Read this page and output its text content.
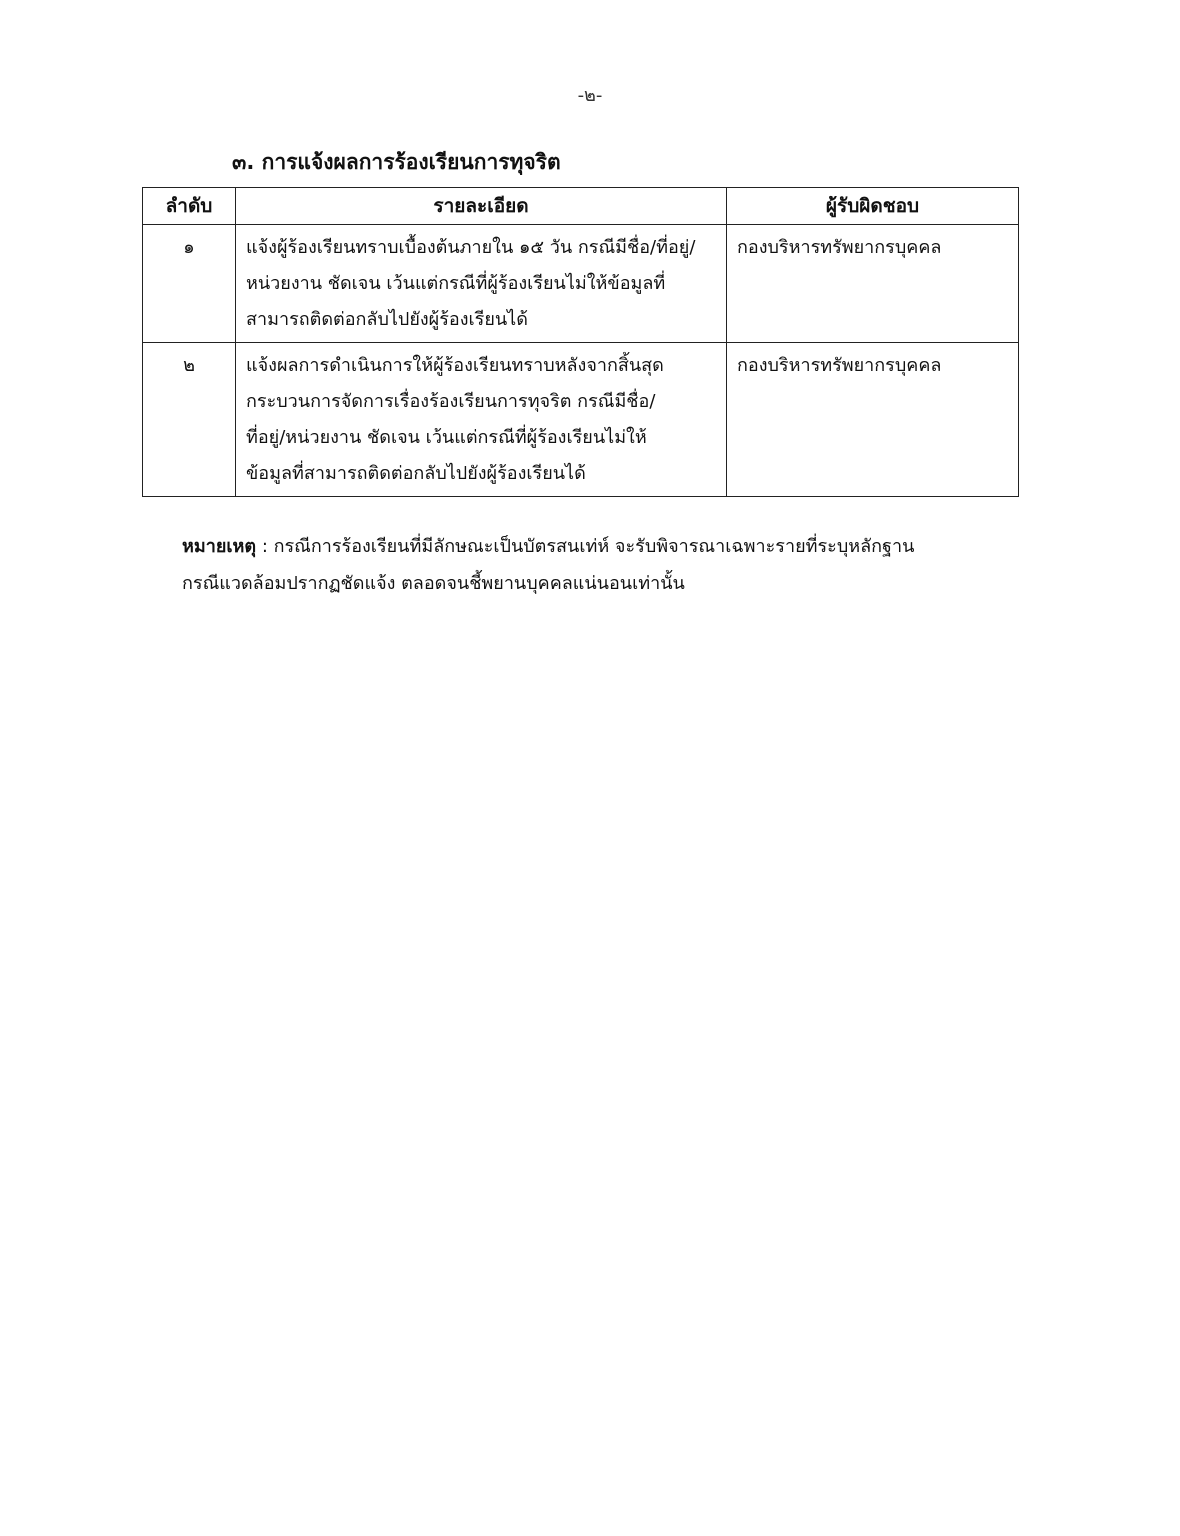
-๒-
๓. การแจ้งผลการร้องเรียนการทุจริต
ลำดับ	รายละเอียด	ผู้รับผิดชอบ
๑	แจ้งผู้ร้องเรียนทราบเบื้องต้นภายใน ๑๕ วัน กรณีมีชื่อ/ที่อยู่/
หน่วยงาน ชัดเจน เว้นแต่กรณีที่ผู้ร้องเรียนไม่ให้ข้อมูลที่
สามารถติดต่อกลับไปยังผู้ร้องเรียนได้	กองบริหารทรัพยากรบุคคล
๒	แจ้งผลการดำเนินการให้ผู้ร้องเรียนทราบหลังจากสิ้นสุด
กระบวนการจัดการเรื่องร้องเรียนการทุจริต กรณีมีชื่อ/
ที่อยู่/หน่วยงาน ชัดเจน เว้นแต่กรณีที่ผู้ร้องเรียนไม่ให้
ข้อมูลที่สามารถติดต่อกลับไปยังผู้ร้องเรียนได้	กองบริหารทรัพยากรบุคคล
หมายเหตุ : กรณีการร้องเรียนที่มีลักษณะเป็นบัตรสนเท่ห์ จะรับพิจารณาเฉพาะรายที่ระบุหลักฐาน
กรณีแวดล้อมปรากฏชัดแจ้ง ตลอดจนชี้พยานบุคคลแน่นอนเท่านั้น
